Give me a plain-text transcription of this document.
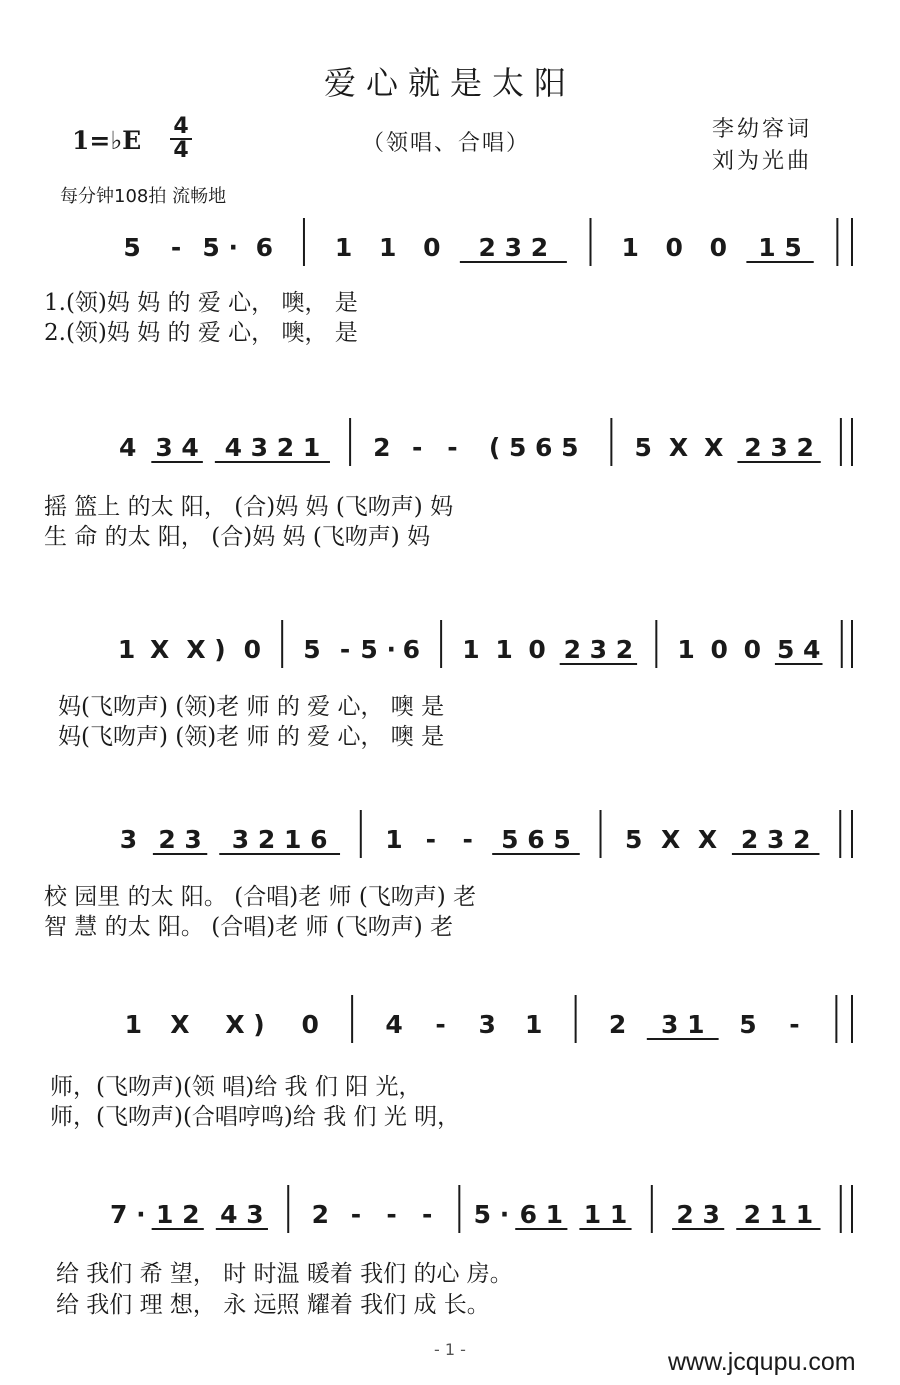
爱心就是太阳
1=♭E 4
4	（领唱、合唱）
李幼容词
刘为光曲
每分钟108拍 流畅地
5 - 5 · 6 1 1 0 2 3 2	1 0 0 1 5
4 3 4 4 3 2 1 2 - - ( 5 6 5 5 X X 2 3 2
1 X X ) 0 5 - 5 · 6 1 1 0 2 3 2 1 0 0 5 4
3 2 3 3 2 1 6 1 - - 5 6 5 5 X X 2 3 2
1 X X ) 0	4 - 3 1	2 3 1 5 -
7 · 1 2 4 3 2 - - - 5 · 6 1 1 1 2 3 2 1 1
1.(领)妈 妈 的 爱 心， 噢， 是
2.(领)妈 妈 的 爱 心， 噢， 是
摇 篮上 的太 阳， (合)妈 妈 (飞吻声) 妈
生 命 的太 阳， (合)妈 妈 (飞吻声) 妈
妈(飞吻声) (领)老 师 的 爱 心， 噢 是
妈(飞吻声) (领)老 师 的 爱 心， 噢 是
校 园里 的太 阳。 (合唱)老 师 (飞吻声) 老
智 慧 的太 阳。 (合唱)老 师 (飞吻声) 老
师，(飞吻声)(领 唱)给 我 们 阳 光，
师，(飞吻声)(合唱哼鸣)给 我 们 光 明，
给 我们 希 望， 时 时温 暖着 我们 的心 房。
给 我们 理 想， 永 远照 耀着 我们 成 长。
- 1 -	www.jcqupu.com
